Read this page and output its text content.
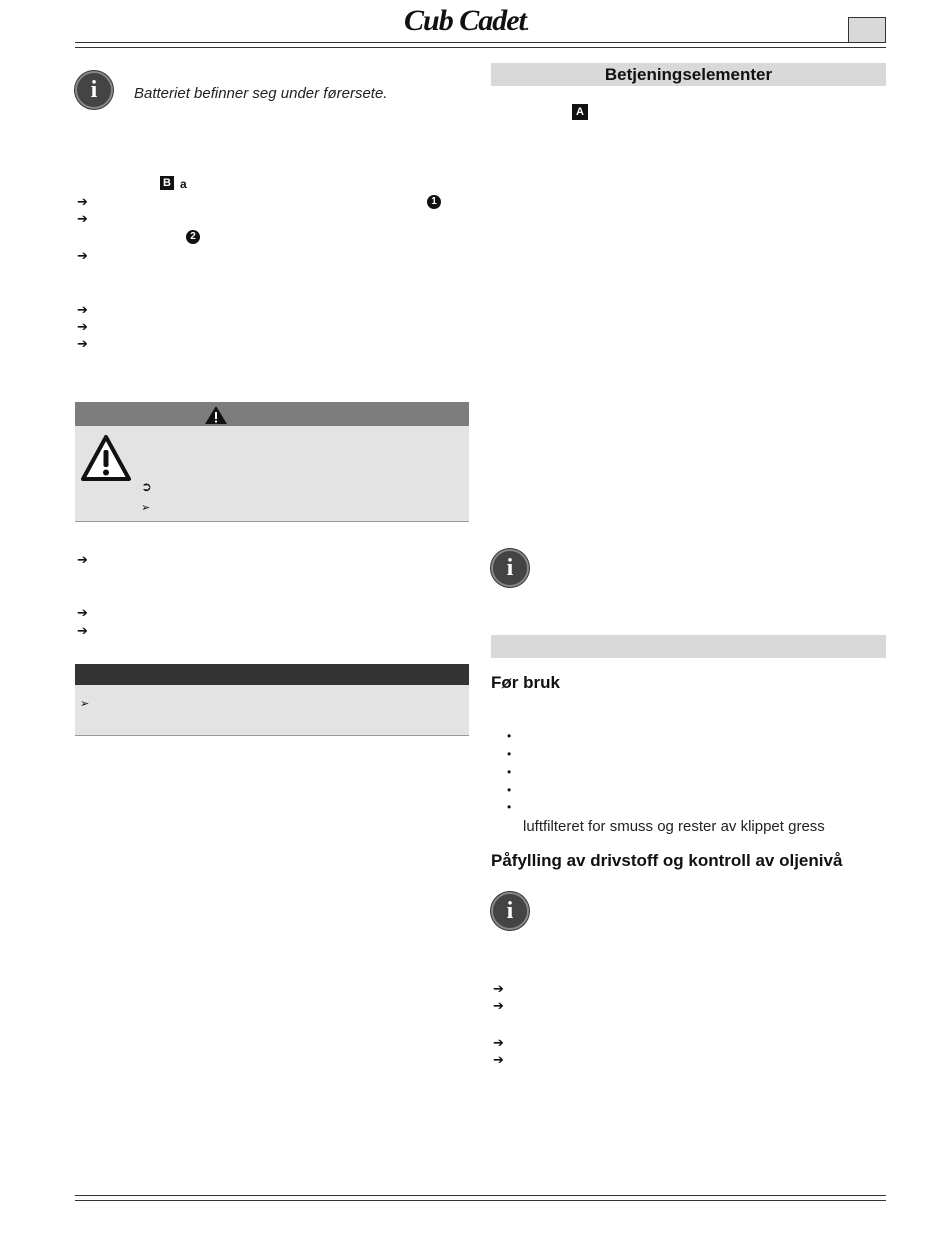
Cub Cadet.
i	Batteriet befinner seg under førersete.
B a
➔	1
➔
2
➔
➔
➔
➔
➲
➢
➔
➔
➔
➢
Betjeningselementer
A
i
Før bruk
•
•
•
•
•
luftfilteret for smuss og rester av klippet gress
Påfylling av drivstoff og kontroll av oljenivå
i
➔
➔
➔
➔
